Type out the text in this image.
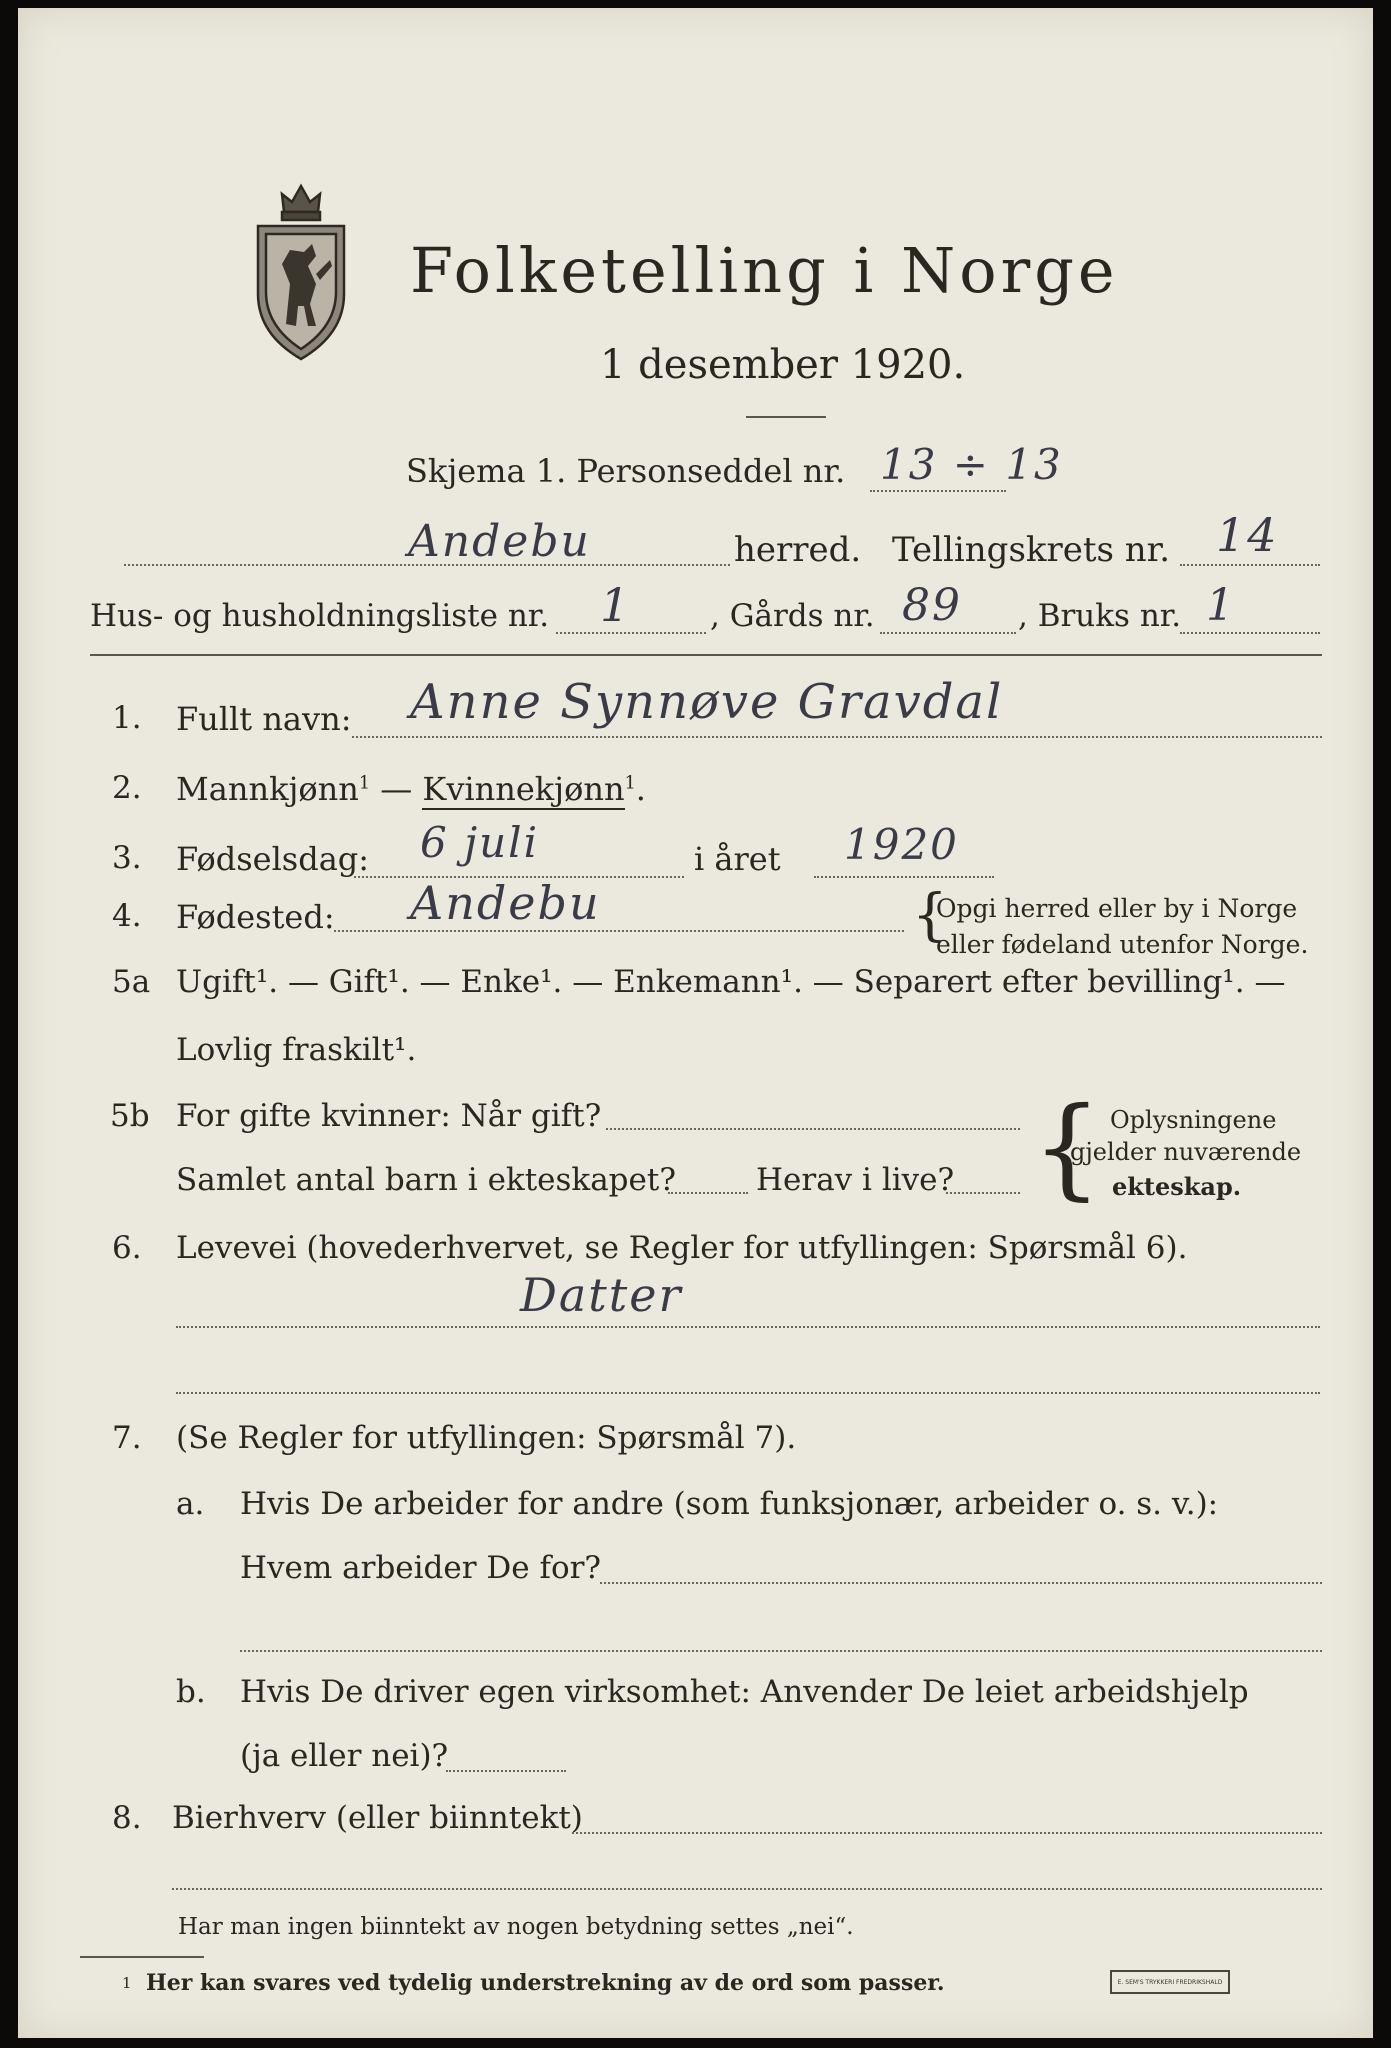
Folketelling i Norge
1 desember 1920.
Skjema 1. Personseddel nr. 13 ÷ 13
Andebu	herred. Tellingskrets nr. 14
Hus- og husholdningsliste nr. 1	, Gårds nr. 89 , Bruks nr. 1
1. Fullt navn: Anne Synnøve Gravdal
2. Mannkjønn$^1$ — Kvinnekjønn$^1$.
3. Fødselsdag: 6 juli	i året 1920
4. Fødested: Andebu	{
Opgi herred eller by i Norge
eller fødeland utenfor Norge.
5a Ugift¹. — Gift¹. — Enke¹. — Enkemann¹. — Separert efter bevilling¹. —
Lovlig fraskilt¹.
5b For gifte kvinner: Når gift?
Samlet antal barn i ekteskapet?	Herav i live? { Oplysningene
gjelder nuværende
ekteskap.
6. Levevei (hovederhvervet, se Regler for utfyllingen: Spørsmål 6).
Datter
7. (Se Regler for utfyllingen: Spørsmål 7).
a. Hvis De arbeider for andre (som funksjonær, arbeider o. s. v.):
Hvem arbeider De for?
b. Hvis De driver egen virksomhet: Anvender De leiet arbeidshjelp
(ja eller nei)?
8. Bierhverv (eller biinntekt)
Har man ingen biinntekt av nogen betydning settes „nei“.
1 Her kan svares ved tydelig understrekning av de ord som passer.	E. SEM'S TRYKKERI FREDRIKSHALD
